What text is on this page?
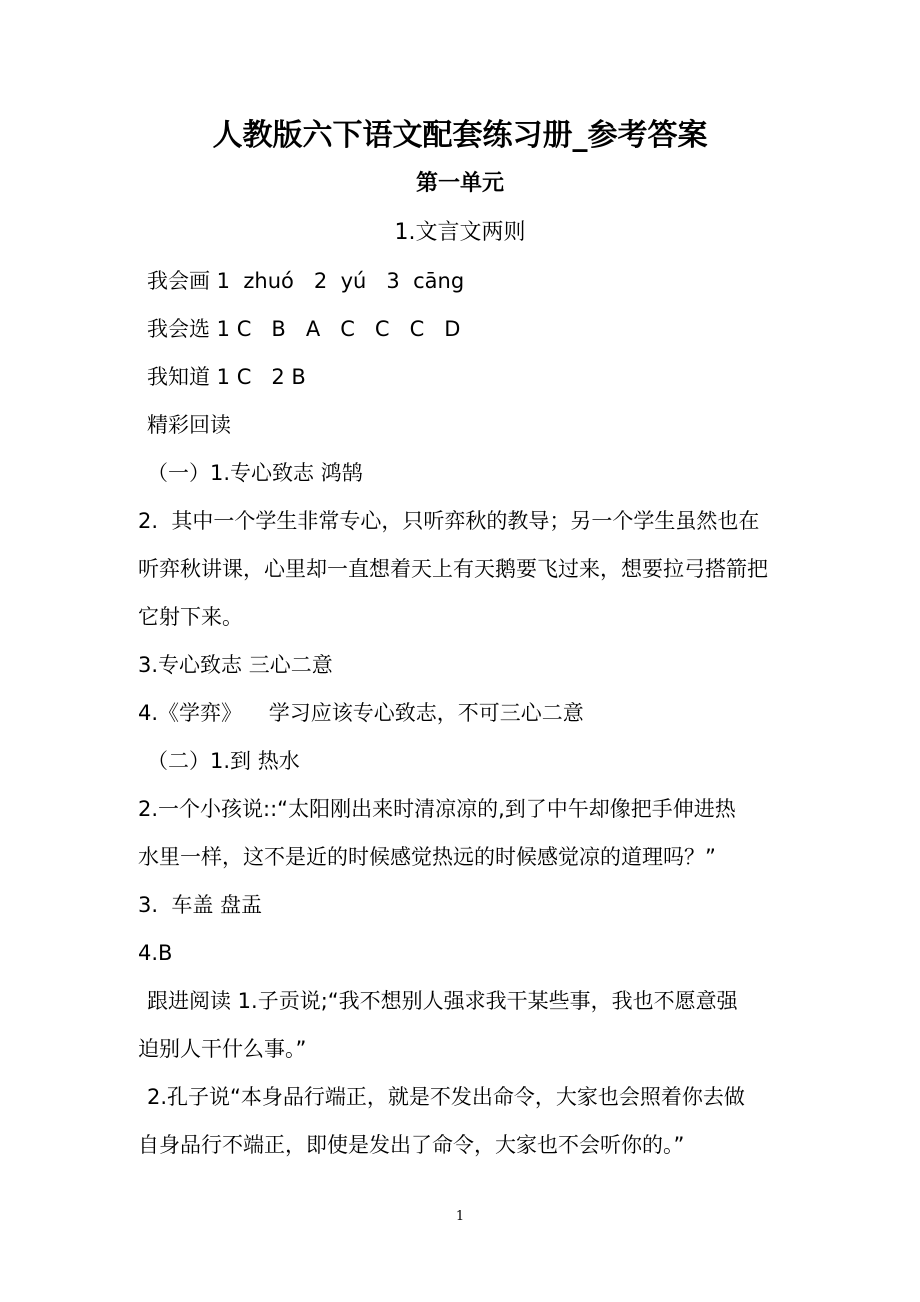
人教版六下语文配套练习册_参考答案
第一单元
1.文言文两则
我会画 1  zhuó   2  yú   3  cāng
我会选 1 C   B   A   C   C   C   D
我知道 1 C   2 B
精彩回读
（一）1.专心致志 鸿鹄
2.  其中一个学生非常专心，只听弈秋的教导；另一个学生虽然也在
听弈秋讲课，心里却一直想着天上有天鹅要飞过来，想要拉弓搭箭把
它射下来。
3.专心致志 三心二意
4.《学弈》    学习应该专心致志，不可三心二意
（二）1.到 热水
2.一个小孩说::“太阳刚出来时清凉凉的,到了中午却像把手伸进热
水里一样，这不是近的时候感觉热远的时候感觉凉的道理吗？”
3.  车盖 盘盂
4.B
跟进阅读 1.子贡说;“我不想别人强求我干某些事，我也不愿意强
迫别人干什么事。”
2.孔子说“本身品行端正，就是不发出命令，大家也会照着你去做
自身品行不端正，即使是发出了命令，大家也不会听你的。”
1
